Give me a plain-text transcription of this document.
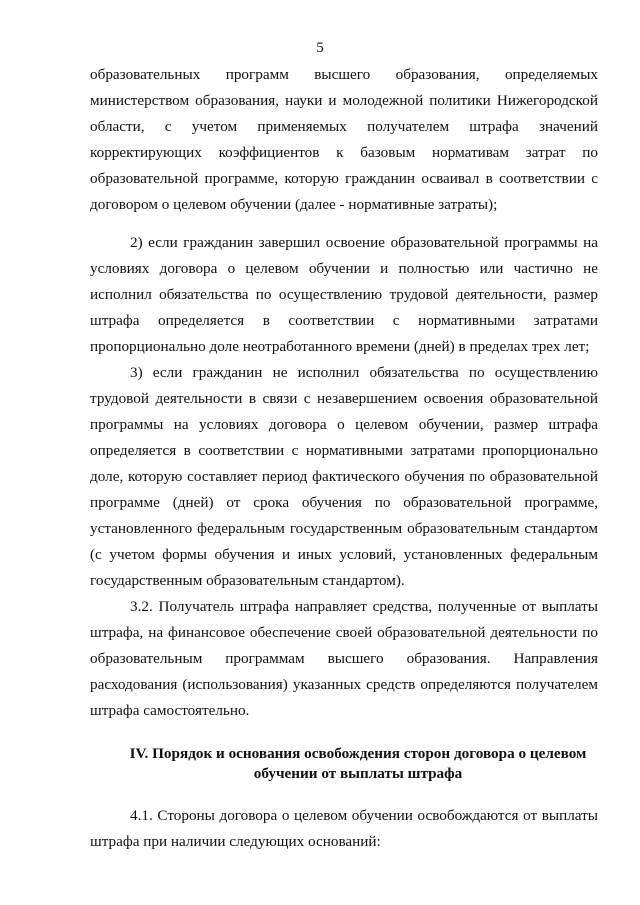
5

образовательных программ высшего образования, определяемых министерством образования, науки и молодежной политики Нижегородской области, с учетом применяемых получателем штрафа значений корректирующих коэффициентов к базовым нормативам затрат по образовательной программе, которую гражданин осваивал в соответствии с договором о целевом обучении (далее - нормативные затраты);

2) если гражданин завершил освоение образовательной программы на условиях договора о целевом обучении и полностью или частично не исполнил обязательства по осуществлению трудовой деятельности, размер штрафа определяется в соответствии с нормативными затратами пропорционально доле неотработанного времени (дней) в пределах трех лет;

3) если гражданин не исполнил обязательства по осуществлению трудовой деятельности в связи с незавершением освоения образовательной программы на условиях договора о целевом обучении, размер штрафа определяется в соответствии с нормативными затратами пропорционально доле, которую составляет период фактического обучения по образовательной программе (дней) от срока обучения по образовательной программе, установленного федеральным государственным образовательным стандартом (с учетом формы обучения и иных условий, установленных федеральным государственным образовательным стандартом).

3.2. Получатель штрафа направляет средства, полученные от выплаты штрафа, на финансовое обеспечение своей образовательной деятельности по образовательным программам высшего образования. Направления расходования (использования) указанных средств определяются получателем штрафа самостоятельно.

IV. Порядок и основания освобождения сторон договора о целевом обучении от выплаты штрафа

4.1. Стороны договора о целевом обучении освобождаются от выплаты штрафа при наличии следующих оснований:
